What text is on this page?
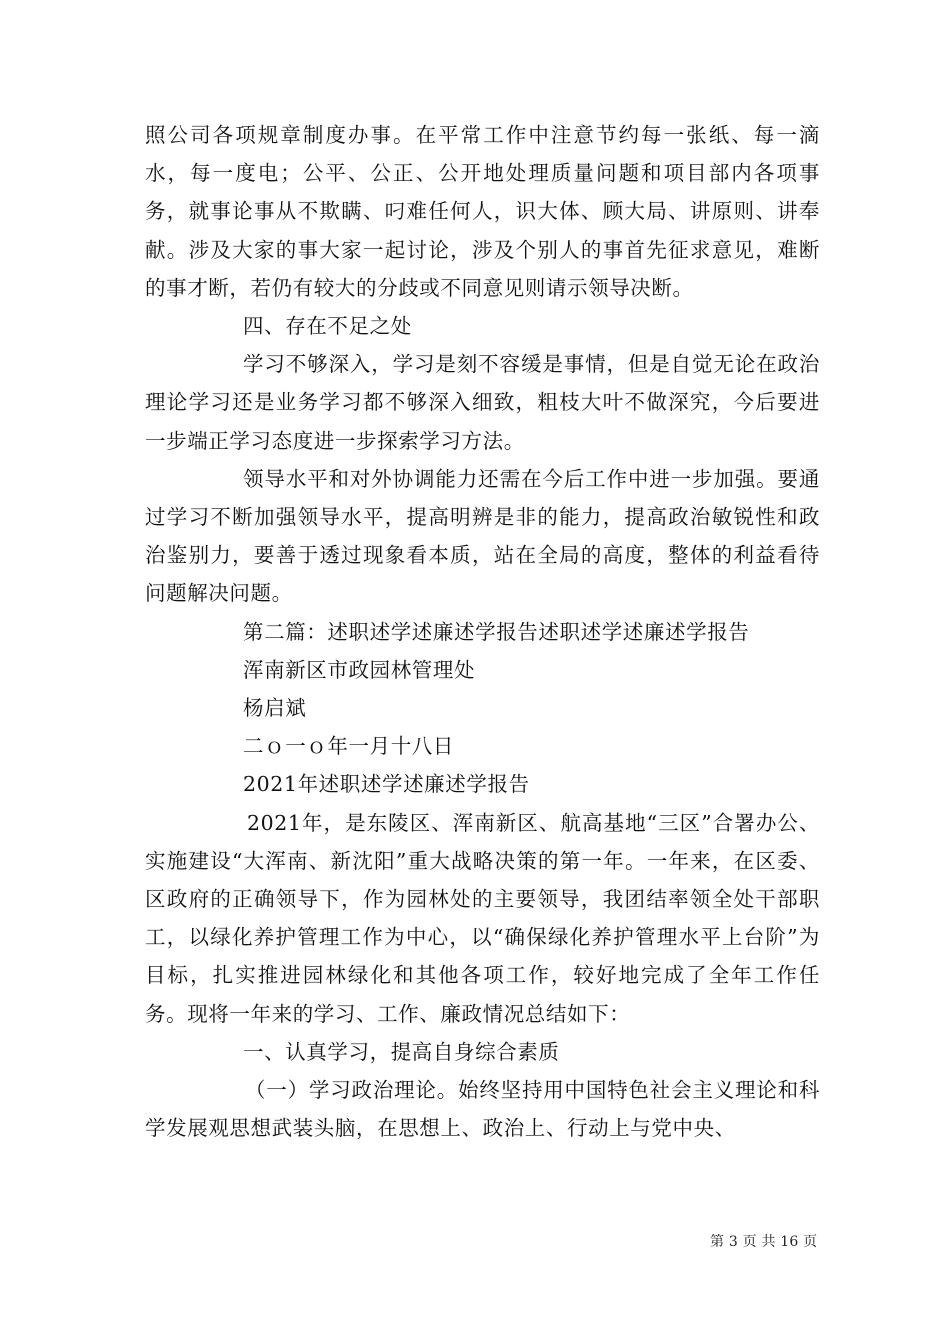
照公司各项规章制度办事。在平常工作中注意节约每一张纸、每一滴水，每一度电；公平、公正、公开地处理质量问题和项目部内各项事务，就事论事从不欺瞒、叼难任何人，识大体、顾大局、讲原则、讲奉献。涉及大家的事大家一起讨论，涉及个别人的事首先征求意见，难断的事才断，若仍有较大的分歧或不同意见则请示领导决断。

四、存在不足之处

学习不够深入，学习是刻不容缓是事情，但是自觉无论在政治理论学习还是业务学习都不够深入细致，粗枝大叶不做深究，今后要进一步端正学习态度进一步探索学习方法。

领导水平和对外协调能力还需在今后工作中进一步加强。要通过学习不断加强领导水平，提高明辨是非的能力，提高政治敏锐性和政治鉴别力，要善于透过现象看本质，站在全局的高度，整体的利益看待问题解决问题。

第二篇：述职述学述廉述学报告述职述学述廉述学报告

浑南新区市政园林管理处

杨启斌

二ｏ一ｏ年一月十八日

2021年述职述学述廉述学报告

2021年，是东陵区、浑南新区、航高基地“三区”合署办公、实施建设“大浑南、新沈阳”重大战略决策的第一年。一年来，在区委、区政府的正确领导下，作为园林处的主要领导，我团结率领全处干部职工，以绿化养护管理工作为中心，以“确保绿化养护管理水平上台阶”为目标，扎实推进园林绿化和其他各项工作，较好地完成了全年工作任务。现将一年来的学习、工作、廉政情况总结如下：

一、认真学习，提高自身综合素质

（一）学习政治理论。始终坚持用中国特色社会主义理论和科学发展观思想武装头脑，在思想上、政治上、行动上与党中央、

第 3 页 共 16 页
